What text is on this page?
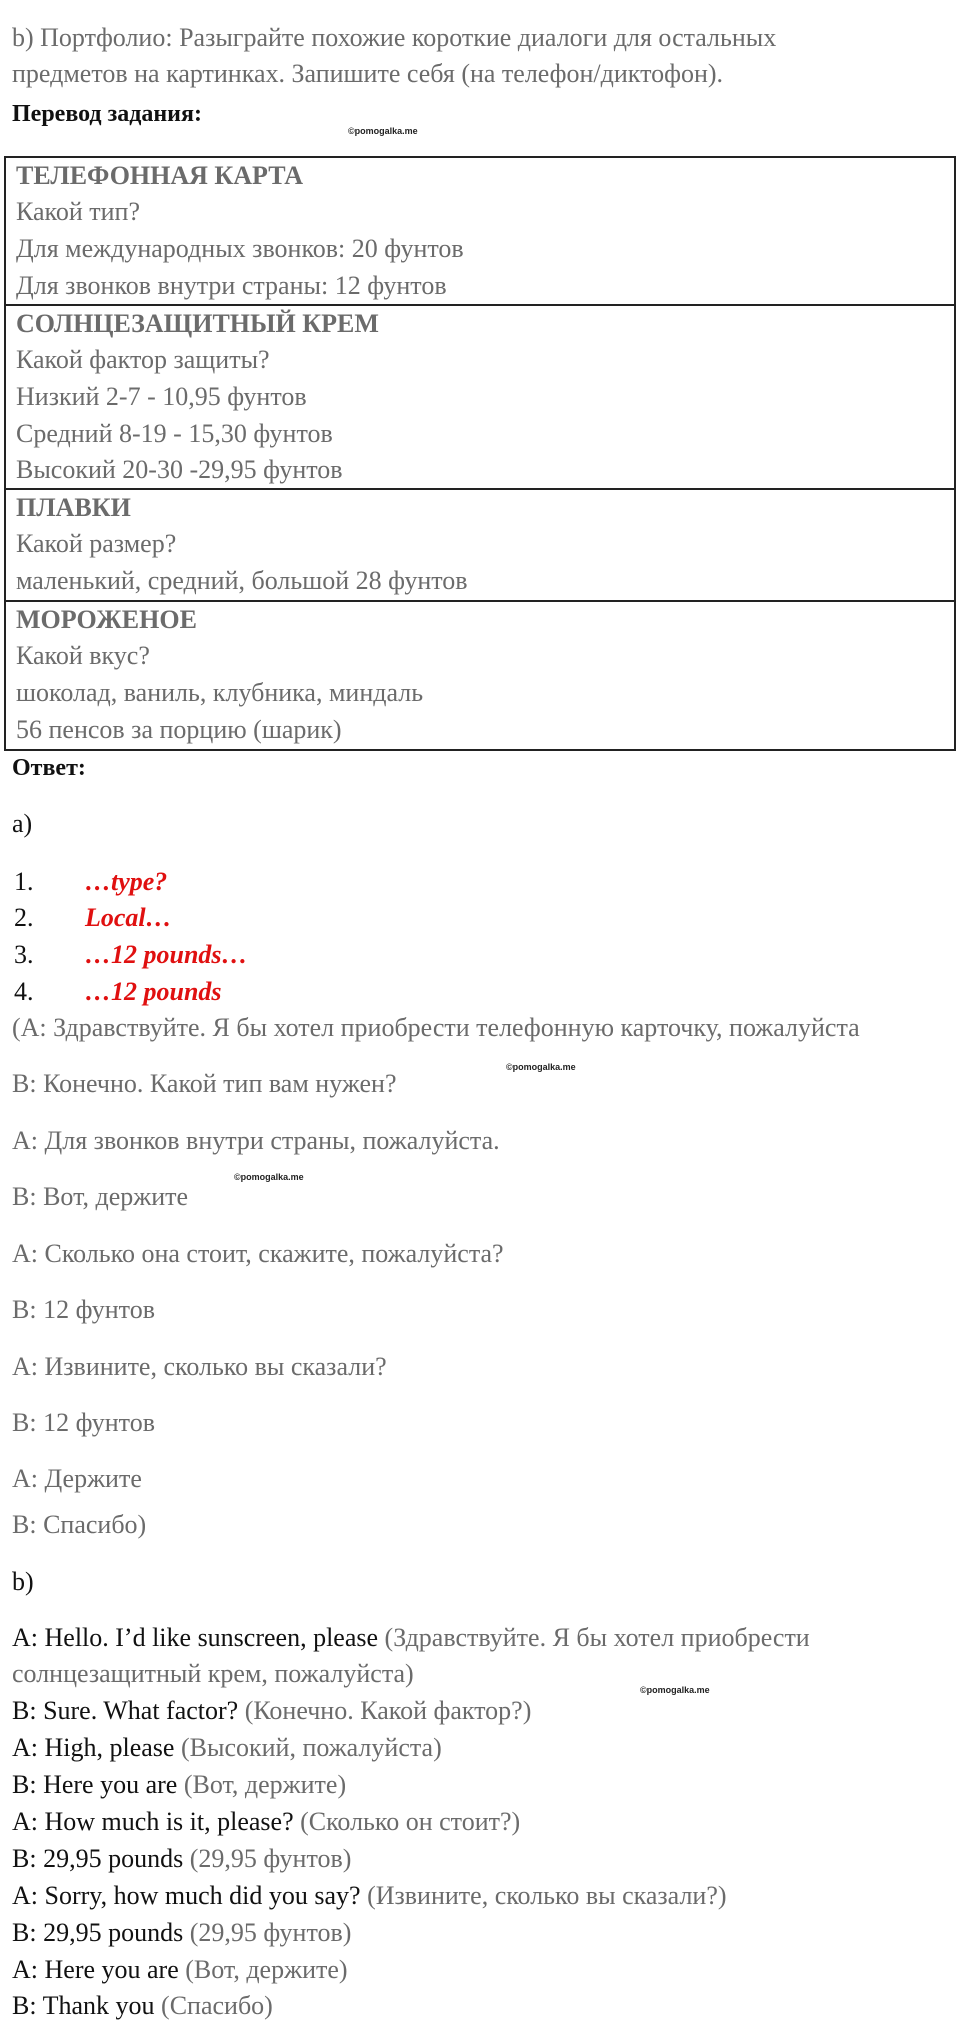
b) Портфолио: Разыграйте похожие короткие диалоги для остальных
предметов на картинках. Запишите себя (на телефон/диктофон).
Перевод задания:
©pomogalka.me
ТЕЛЕФОННАЯ КАРТА
Какой тип?
Для международных звонков: 20 фунтов
Для звонков внутри страны: 12 фунтов
СОЛНЦЕЗАЩИТНЫЙ КРЕМ
Какой фактор защиты?
Низкий 2-7 - 10,95 фунтов
Средний 8-19 - 15,30 фунтов
Высокий 20-30 -29,95 фунтов
ПЛАВКИ
Какой размер?
маленький, средний, большой 28 фунтов
МОРОЖЕНОЕ
Какой вкус?
шоколад, ваниль, клубника, миндаль
56 пенсов за порцию (шарик)
Ответ:
a)
1. …type?
2. Local…
3. …12 pounds…
4. …12 pounds
(А: Здравствуйте. Я бы хотел приобрести телефонную карточку, пожалуйста
©pomogalka.me
В: Конечно. Какой тип вам нужен?
А: Для звонков внутри страны, пожалуйста.
©pomogalka.me
В: Вот, держите
А: Сколько она стоит, скажите, пожалуйста?
В: 12 фунтов
А: Извините, сколько вы сказали?
В: 12 фунтов
А: Держите
В: Спасибо)
b)
A: Hello. I’d like sunscreen, please (Здравствуйте. Я бы хотел приобрести
солнцезащитный крем, пожалуйста)
©pomogalka.me
B: Sure. What factor? (Конечно. Какой фактор?)
A: High, please (Высокий, пожалуйста)
B: Here you are (Вот, держите)
A: How much is it, please? (Сколько он стоит?)
B: 29,95 pounds (29,95 фунтов)
A: Sorry, how much did you say? (Извините, сколько вы сказали?)
B: 29,95 pounds (29,95 фунтов)
A: Here you are (Вот, держите)
B: Thank you (Спасибо)
